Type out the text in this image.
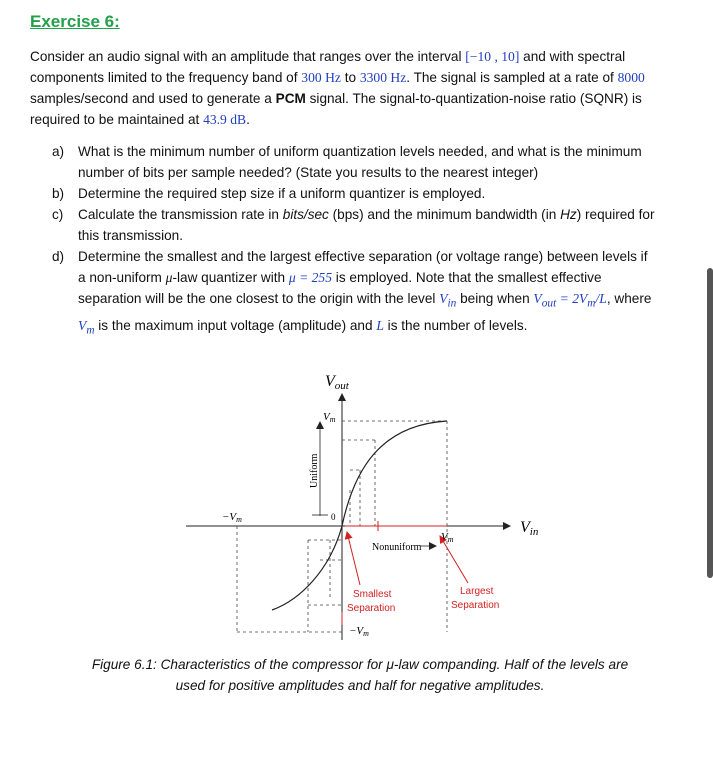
Exercise 6:

Consider an audio signal with an amplitude that ranges over the interval [−10 , 10] and with spectral components limited to the frequency band of 300 Hz to 3300 Hz. The signal is sampled at a rate of 8000 samples/second and used to generate a PCM signal. The signal-to-quantization-noise ratio (SQNR) is required to be maintained at 43.9 dB.

a)	What is the minimum number of uniform quantization levels needed, and what is the minimum number of bits per sample needed? (State you results to the nearest integer)
b)	Determine the required step size if a uniform quantizer is employed.
c)	Calculate the transmission rate in bits/sec (bps) and the minimum bandwidth (in Hz) required for this transmission.
d)	Determine the smallest and the largest effective separation (or voltage range) between levels if a non-uniform μ-law quantizer with μ = 255 is employed. Note that the smallest effective separation will be the one closest to the origin with the level $V_{in}$ being when $V_{out} = 2V_m/L$, where $V_m$ is the maximum input voltage (amplitude) and L is the number of levels.
Vout
Vin
Vm
−Vm	0
Vm
Uniform
Nonuniform
Smallest
Separation
Largest
Separation
−Vm

Figure 6.1: Characteristics of the compressor for μ-law companding. Half of the levels are
used for positive amplitudes and half for negative amplitudes.
